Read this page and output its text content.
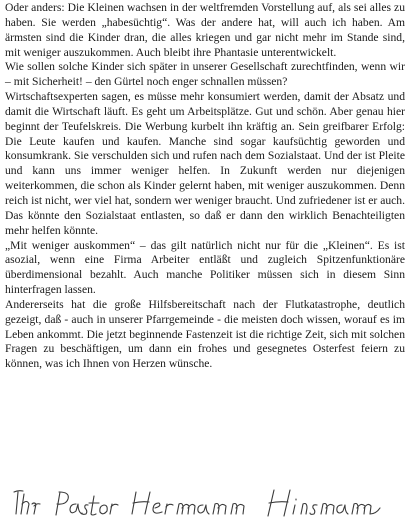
Oder anders: Die Kleinen wachsen in der weltfremden Vorstellung auf, als sei alles zu haben. Sie werden „habesüchtig“. Was der andere hat, will auch ich haben. Am ärmsten sind die Kinder dran, die alles kriegen und gar nicht mehr im Stande sind, mit weniger auszukommen. Auch bleibt ihre Phantasie unterentwickelt.

Wie sollen solche Kinder sich später in unserer Gesellschaft zurechtfinden, wenn wir – mit Sicherheit! – den Gürtel noch enger schnallen müssen?

Wirtschaftsexperten sagen, es müsse mehr konsumiert werden, damit der Absatz und damit die Wirtschaft läuft. Es geht um Arbeitsplätze. Gut und schön. Aber genau hier beginnt der Teufelskreis. Die Werbung kurbelt ihn kräftig an. Sein greifbarer Erfolg: Die Leute kaufen und kaufen. Manche sind sogar kaufsüchtig geworden und konsumkrank. Sie verschulden sich und rufen nach dem Sozialstaat. Und der ist Pleite und kann uns immer weniger helfen. In Zukunft werden nur diejenigen weiterkommen, die schon als Kinder gelernt haben, mit weniger auszukommen. Denn reich ist nicht, wer viel hat, sondern wer weniger braucht. Und zufriedener ist er auch. Das könnte den Sozialstaat entlasten, so daß er dann den wirklich Benachteiligten mehr helfen könnte.

„Mit weniger auskommen“ – das gilt natürlich nicht nur für die „Kleinen“. Es ist asozial, wenn eine Firma Arbeiter entläßt und zugleich Spitzenfunktionäre überdimensional bezahlt. Auch manche Politiker müssen sich in diesem Sinn hinterfragen lassen.

Andererseits hat die große Hilfsbereitschaft nach der Flutkatastrophe, deutlich gezeigt, daß - auch in unserer Pfarrgemeinde - die meisten doch wissen, worauf es im Leben ankommt. Die jetzt beginnende Fastenzeit ist die richtige Zeit, sich mit solchen Fragen zu beschäftigen, um dann ein frohes und gesegnetes Osterfest feiern zu können, was ich Ihnen von Herzen wünsche.
